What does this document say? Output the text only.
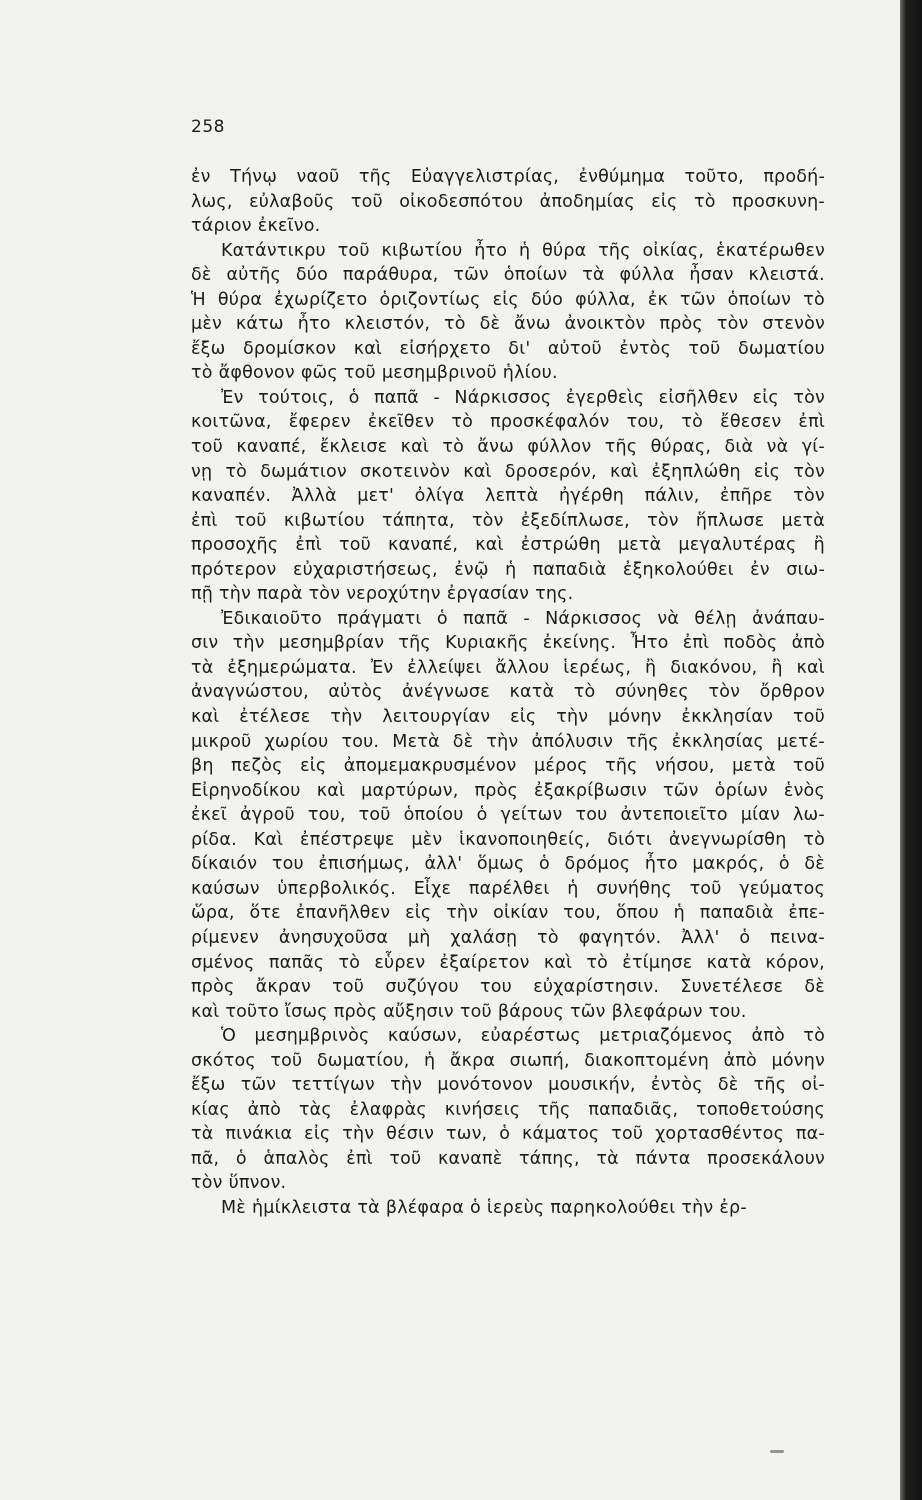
258
ἐν Τήνῳ ναοῦ τῆς Εὐαγγελιστρίας, ἐνθύμημα τοῦτο, προδή-
λως, εὐλαβοῦς τοῦ οἰκοδεσπότου ἀποδημίας εἰς τὸ προσκυνη-
τάριον ἐκεῖνο.
Κατάντικρυ τοῦ κιβωτίου ἦτο ἡ θύρα τῆς οἰκίας, ἑκατέρωθεν
δὲ αὐτῆς δύο παράθυρα, τῶν ὁποίων τὰ φύλλα ἦσαν κλειστά.
Ἡ θύρα ἐχωρίζετο ὁριζοντίως εἰς δύο φύλλα, ἐκ τῶν ὁποίων τὸ
μὲν κάτω ἦτο κλειστόν, τὸ δὲ ἄνω ἀνοικτὸν πρὸς τὸν στενὸν
ἔξω δρομίσκον καὶ εἰσήρχετο δι' αὐτοῦ ἐντὸς τοῦ δωματίου
τὸ ἄφθονον φῶς τοῦ μεσημβρινοῦ ἡλίου.
Ἐν τούτοις, ὁ παπᾶ - Νάρκισσος ἐγερθεὶς εἰσῆλθεν εἰς τὸν
κοιτῶνα, ἔφερεν ἐκεῖθεν τὸ προσκέφαλόν του, τὸ ἔθεσεν ἐπὶ
τοῦ καναπέ, ἔκλεισε καὶ τὸ ἄνω φύλλον τῆς θύρας, διὰ νὰ γί-
νῃ τὸ δωμάτιον σκοτεινὸν καὶ δροσερόν, καὶ ἐξηπλώθη εἰς τὸν
καναπέν. Ἀλλὰ μετ' ὀλίγα λεπτὰ ἠγέρθη πάλιν, ἐπῆρε τὸν
ἐπὶ τοῦ κιβωτίου τάπητα, τὸν ἐξεδίπλωσε, τὸν ἥπλωσε μετὰ
προσοχῆς ἐπὶ τοῦ καναπέ, καὶ ἐστρώθη μετὰ μεγαλυτέρας ἢ
πρότερον εὐχαριστήσεως, ἐνῷ ἡ παπαδιὰ ἐξηκολούθει ἐν σιω-
πῇ τὴν παρὰ τὸν νεροχύτην ἐργασίαν της.
Ἐδικαιοῦτο πράγματι ὁ παπᾶ - Νάρκισσος νὰ θέλῃ ἀνάπαυ-
σιν τὴν μεσημβρίαν τῆς Κυριακῆς ἐκείνης. Ἦτο ἐπὶ ποδὸς ἀπὸ
τὰ ἐξημερώματα. Ἐν ἐλλείψει ἄλλου ἱερέως, ἢ διακόνου, ἢ καὶ
ἀναγνώστου, αὐτὸς ἀνέγνωσε κατὰ τὸ σύνηθες τὸν ὄρθρον
καὶ ἐτέλεσε τὴν λειτουργίαν εἰς τὴν μόνην ἐκκλησίαν τοῦ
μικροῦ χωρίου του. Μετὰ δὲ τὴν ἀπόλυσιν τῆς ἐκκλησίας μετέ-
βη πεζὸς εἰς ἀπομεμακρυσμένον μέρος τῆς νήσου, μετὰ τοῦ
Εἰρηνοδίκου καὶ μαρτύρων, πρὸς ἐξακρίβωσιν τῶν ὁρίων ἑνὸς
ἐκεῖ ἀγροῦ του, τοῦ ὁποίου ὁ γείτων του ἀντεποιεῖτο μίαν λω-
ρίδα. Καὶ ἐπέστρεψε μὲν ἱκανοποιηθείς, διότι ἀνεγνωρίσθη τὸ
δίκαιόν του ἐπισήμως, ἀλλ' ὅμως ὁ δρόμος ἦτο μακρός, ὁ δὲ
καύσων ὑπερβολικός. Εἶχε παρέλθει ἡ συνήθης τοῦ γεύματος
ὥρα, ὅτε ἐπανῆλθεν εἰς τὴν οἰκίαν του, ὅπου ἡ παπαδιὰ ἐπε-
ρίμενεν ἀνησυχοῦσα μὴ χαλάσῃ τὸ φαγητόν. Ἀλλ' ὁ πεινα-
σμένος παπᾶς τὸ εὗρεν ἐξαίρετον καὶ τὸ ἐτίμησε κατὰ κόρον,
πρὸς ἄκραν τοῦ συζύγου του εὐχαρίστησιν. Συνετέλεσε δὲ
καὶ τοῦτο ἴσως πρὸς αὔξησιν τοῦ βάρους τῶν βλεφάρων του.
Ὁ μεσημβρινὸς καύσων, εὐαρέστως μετριαζόμενος ἀπὸ τὸ
σκότος τοῦ δωματίου, ἡ ἄκρα σιωπή, διακοπτομένη ἀπὸ μόνην
ἔξω τῶν τεττίγων τὴν μονότονον μουσικήν, ἐντὸς δὲ τῆς οἰ-
κίας ἀπὸ τὰς ἐλαφρὰς κινήσεις τῆς παπαδιᾶς, τοποθετούσης
τὰ πινάκια εἰς τὴν θέσιν των, ὁ κάματος τοῦ χορτασθέντος πα-
πᾶ, ὁ ἁπαλὸς ἐπὶ τοῦ καναπὲ τάπης, τὰ πάντα προσεκάλουν
τὸν ὕπνον.
Μὲ ἡμίκλειστα τὰ βλέφαρα ὁ ἱερεὺς παρηκολούθει τὴν ἐρ-
